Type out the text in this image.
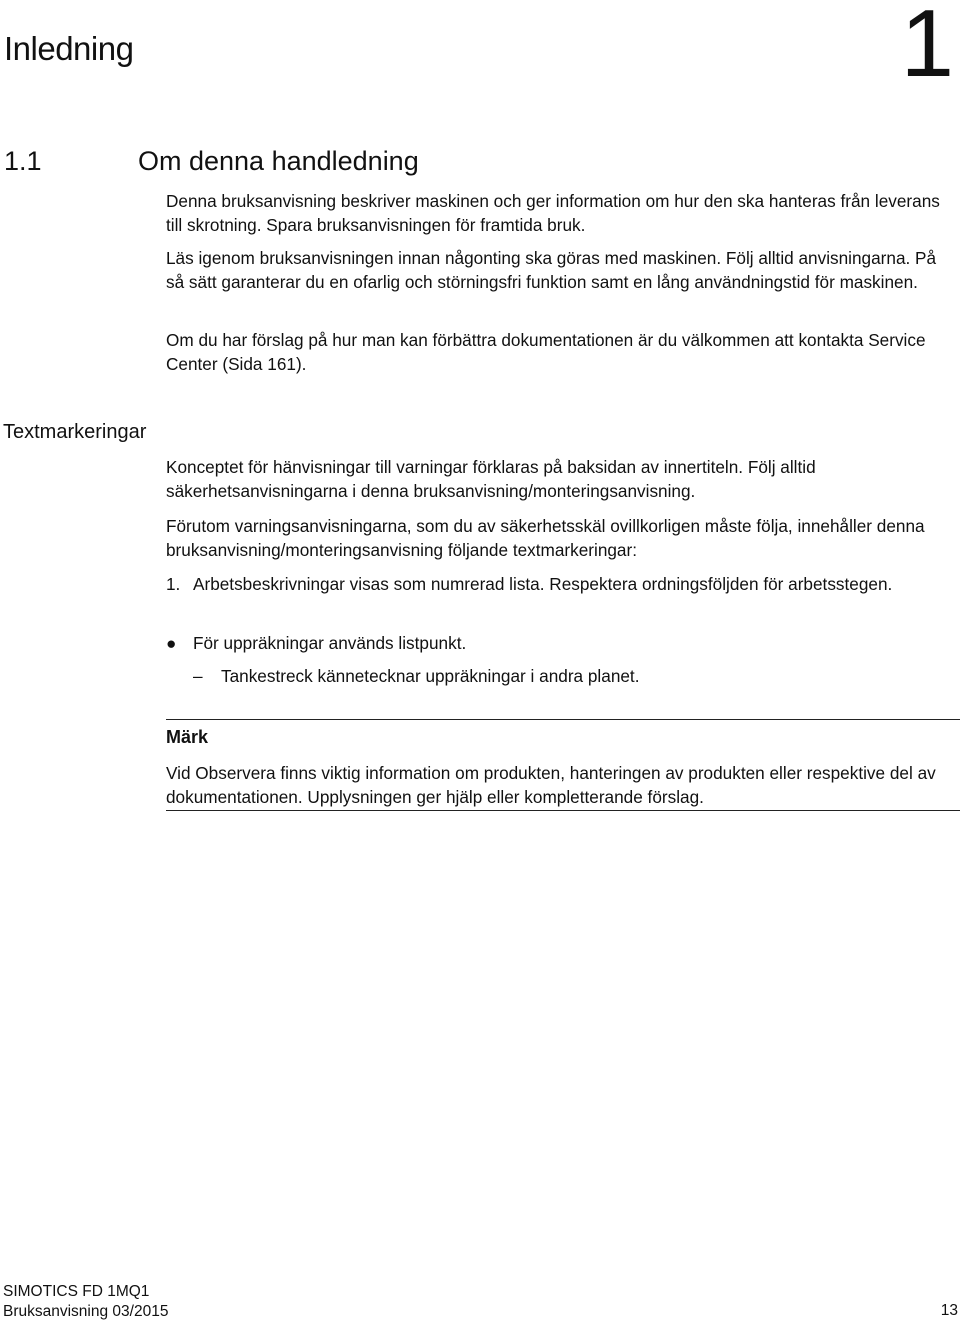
Inledning	1
1.1	Om denna handledning

Denna bruksanvisning beskriver maskinen och ger information om hur den ska hanteras från leverans till skrotning. Spara bruksanvisningen för framtida bruk.

Läs igenom bruksanvisningen innan någonting ska göras med maskinen. Följ alltid anvisningarna. På så sätt garanterar du en ofarlig och störningsfri funktion samt en lång användningstid för maskinen.

Om du har förslag på hur man kan förbättra dokumentationen är du välkommen att kontakta Service Center (Sida 161).

Textmarkeringar

Konceptet för hänvisningar till varningar förklaras på baksidan av innertiteln. Följ alltid säkerhetsanvisningarna i denna bruksanvisning/monteringsanvisning.

Förutom varningsanvisningarna, som du av säkerhetsskäl ovillkorligen måste följa, innehåller denna bruksanvisning/monteringsanvisning följande textmarkeringar:

1. Arbetsbeskrivningar visas som numrerad lista. Respektera ordningsföljden för arbetsstegen.
● För uppräkningar används listpunkt.
– Tankestreck kännetecknar uppräkningar i andra planet.
Märk
Vid Observera finns viktig information om produkten, hanteringen av produkten eller respektive del av dokumentationen. Upplysningen ger hjälp eller kompletterande förslag.
SIMOTICS FD 1MQ1
Bruksanvisning 03/2015	13
